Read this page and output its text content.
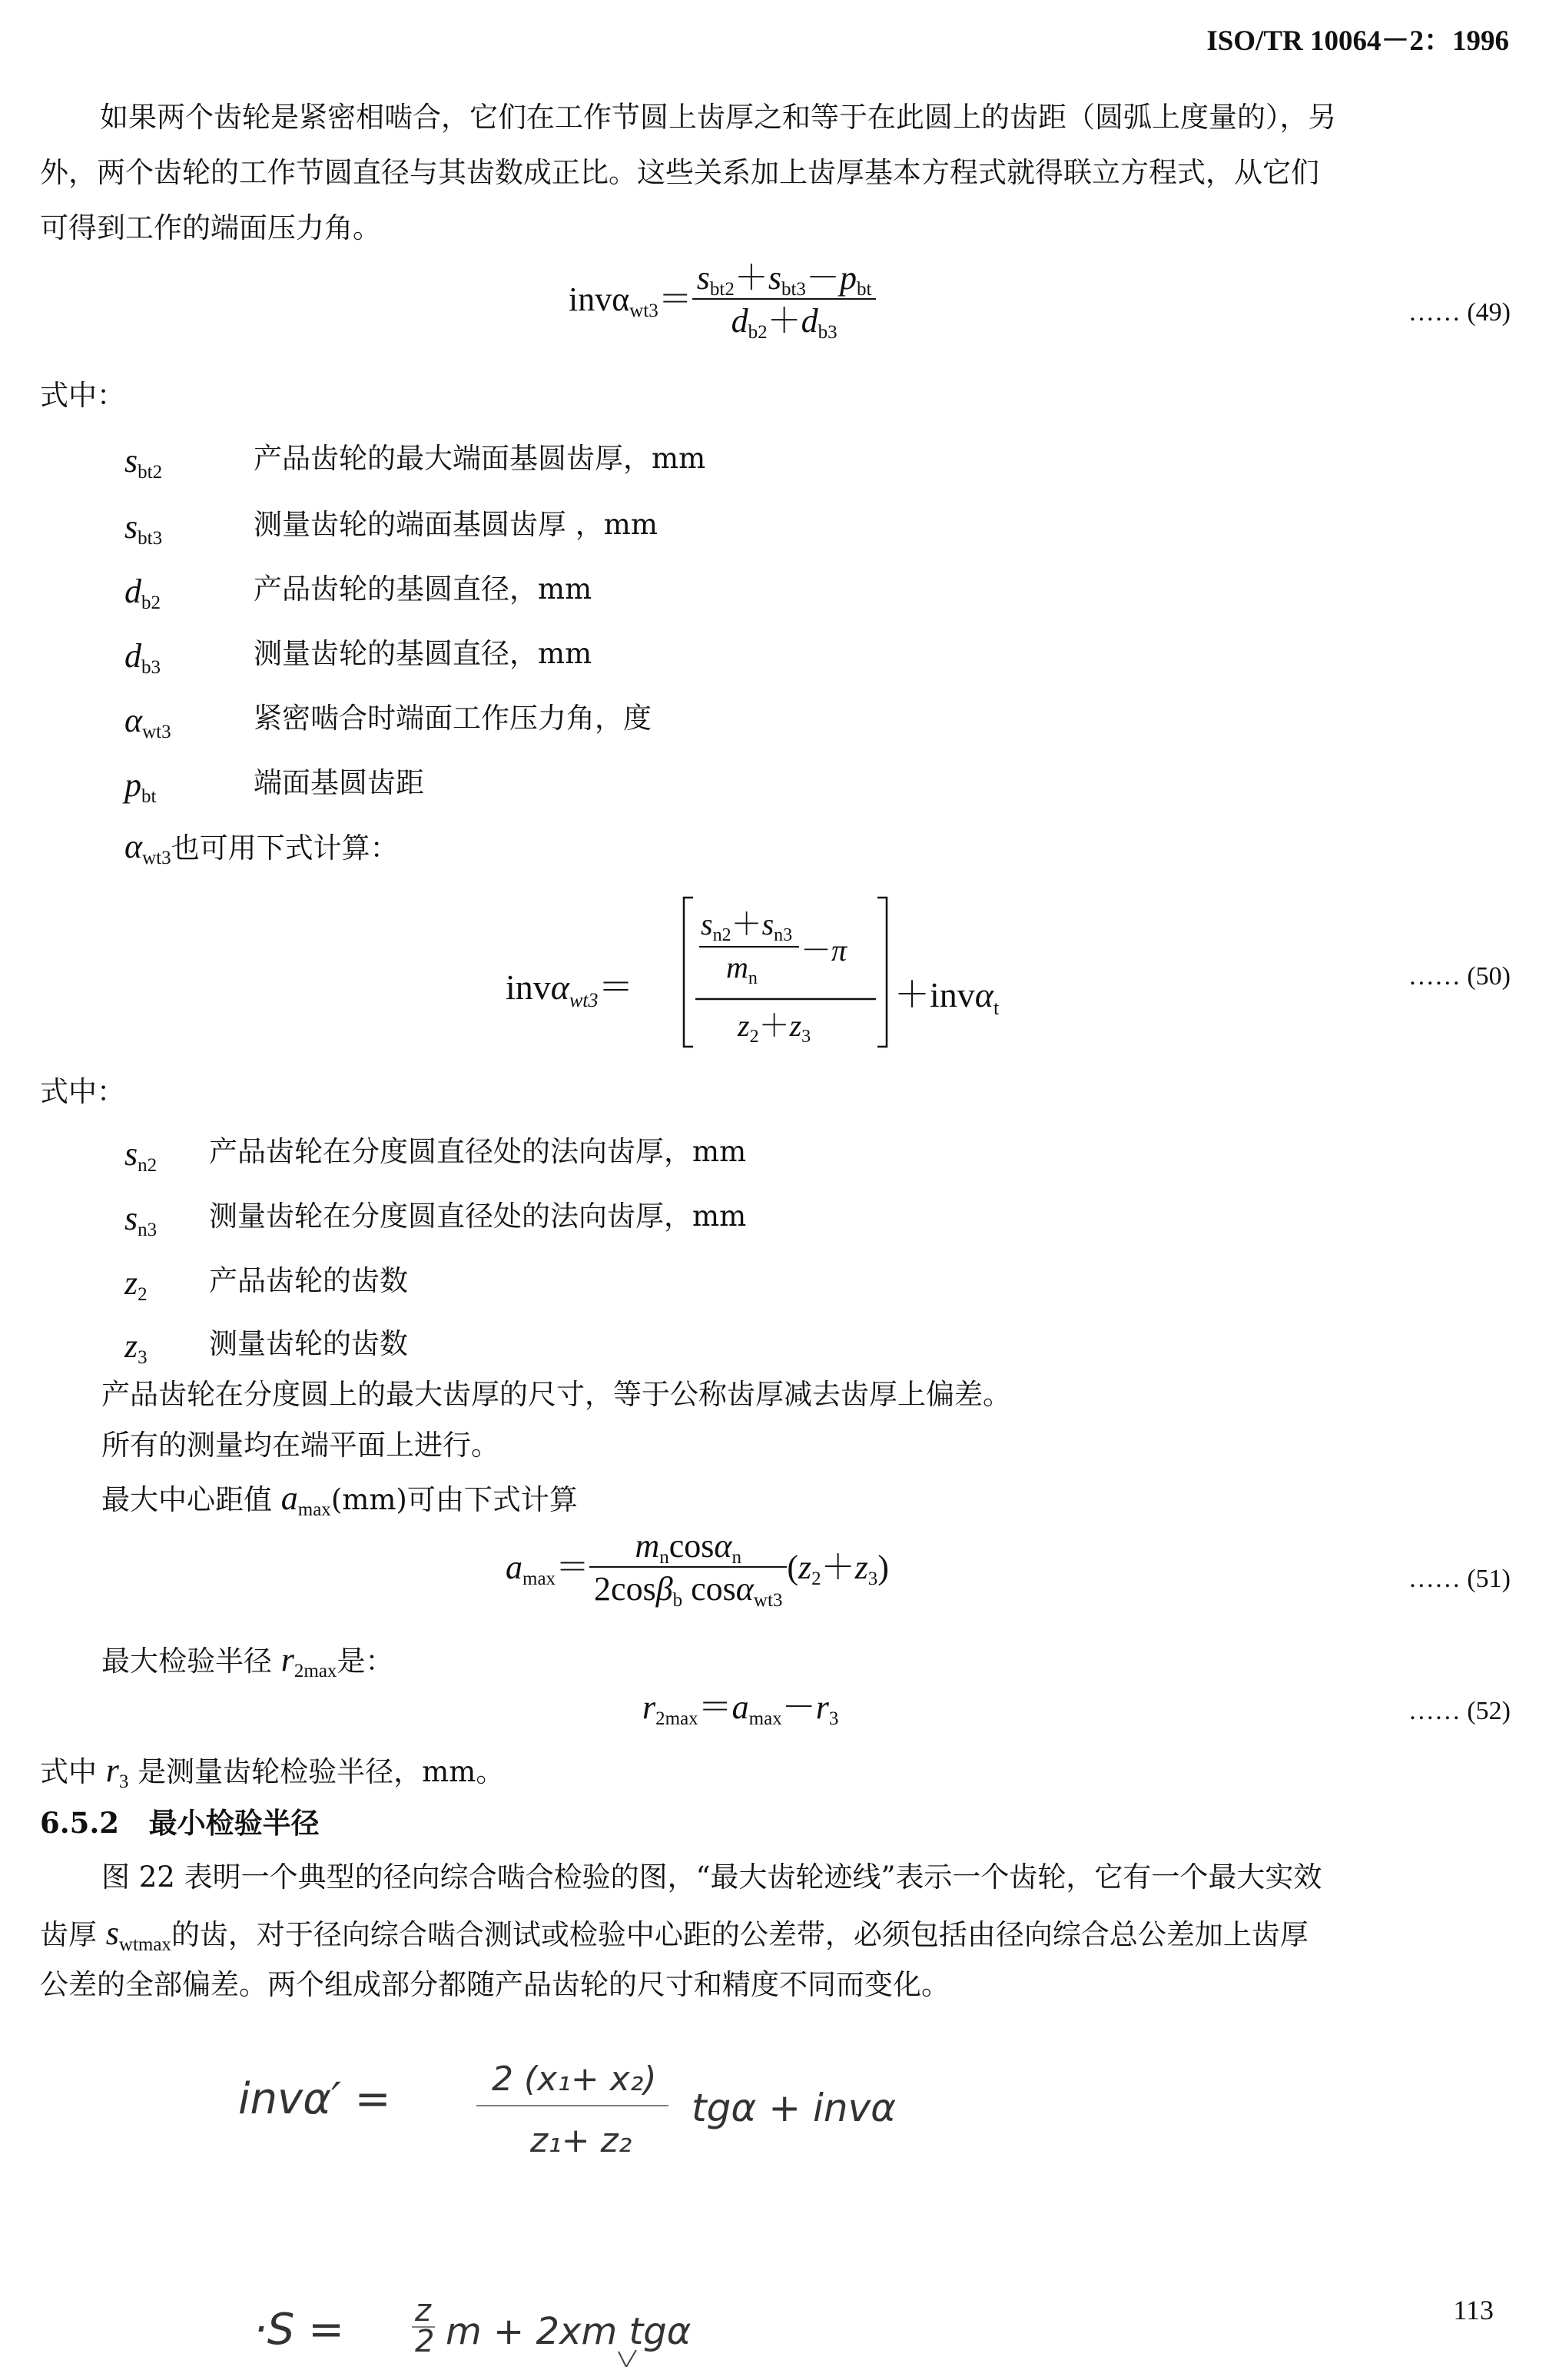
ISO/TR 10064－2：1996
如果两个齿轮是紧密相啮合，它们在工作节圆上齿厚之和等于在此圆上的齿距（圆弧上度量的），另
外，两个齿轮的工作节圆直径与其齿数成正比。这些关系加上齿厚基本方程式就得联立方程式，从它们
可得到工作的端面压力角。
$inv\alpha wt3= \frac{\text{sbt2＋sbt3－pbt}}{db2+db3}$	…… (49)
式中：
$s_{bt2}$	产品齿轮的最大端面基圆齿厚，mm
$s_{bt3}$	测量齿轮的端面基圆齿厚 ，mm
$d_{b2}$	产品齿轮的基圆直径，mm
$d_{b3}$	测量齿轮的基圆直径，mm
$\alpha_{wt3}$	紧密啮合时端面工作压力角，度
$p_{bt}$	端面基圆齿距
$\alpha_{wt3}$也可用下式计算：
invα$_{wt3}$＝
$s_{n2}+s_{n3}$
$m_n$
－π
$z_2+z_3$
＋invα$_t$
…… (50)
式中：
$s_{n2}$ 产品齿轮在分度圆直径处的法向齿厚，mm
$s_{n3}$ 测量齿轮在分度圆直径处的法向齿厚，mm
$z_2$ 产品齿轮的齿数
$z_3$ 测量齿轮的齿数
产品齿轮在分度圆上的最大齿厚的尺寸，等于公称齿厚减去齿厚上偏差。
所有的测量均在端平面上进行。
最大中心距值 $a_{max}(mm)$可由下式计算
$amax= \frac{mncos\alpha n}{\text{2cosβb cosαwt3}} (z2+z3)$	…… (51)
最大检验半径 $r_{2max}$是：
r2max＝amax－r3	…… (52)
式中 $r_3$ 是测量齿轮检验半径，mm。
6.5.2 最小检验半径
图 22 表明一个典型的径向综合啮合检验的图，“最大齿轮迹线”表示一个齿轮，它有一个最大实效
齿厚 $s_{wtmax}$的齿，对于径向综合啮合测试或检验中心距的公差带，必须包括由径向综合总公差加上齿厚
公差的全部偏差。两个组成部分都随产品齿轮的尺寸和精度不同而变化。
invα′ =	2 (x₁+ x₂)
z₁+ z₂
tgα + invα
·S = z
2 m + 2xm tgα	113
